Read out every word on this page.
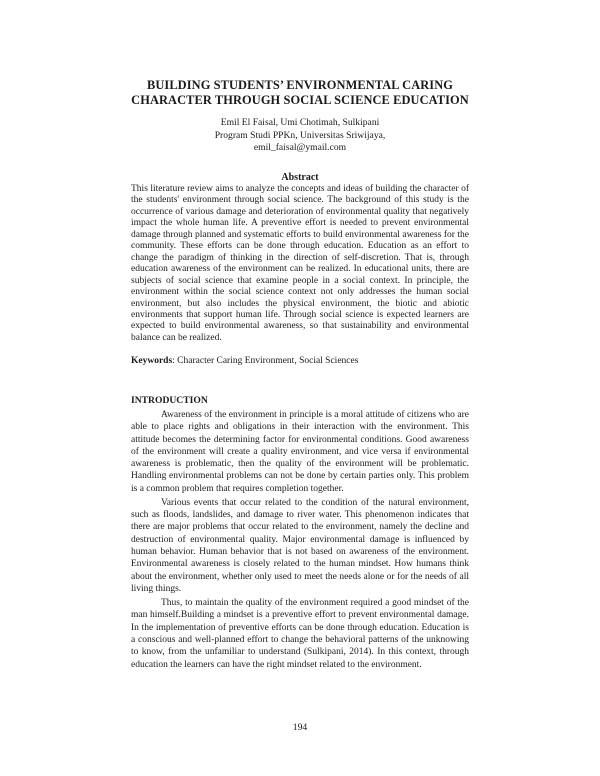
BUILDING STUDENTS’ ENVIRONMENTAL CARING
CHARACTER THROUGH SOCIAL SCIENCE EDUCATION
Emil El Faisal, Umi Chotimah, Sulkipani
Program Studi PPKn, Universitas Sriwijaya,
emil_faisal@ymail.com
Abstract

This literature review aims to analyze the concepts and ideas of building the character of the students' environment through social science. The background of this study is the occurrence of various damage and deterioration of environmental quality that negatively impact the whole human life. A preventive effort is needed to prevent environmental damage through planned and systematic efforts to build environmental awareness for the community. These efforts can be done through education. Education as an effort to change the paradigm of thinking in the direction of self-discretion. That is, through education awareness of the environment can be realized. In educational units, there are subjects of social science that examine people in a social context. In principle, the environment within the social science context not only addresses the human social environment, but also includes the physical environment, the biotic and abiotic environments that support human life. Through social science is expected learners are expected to build environmental awareness, so that sustainability and environmental balance can be realized.

Keywords: Character Caring Environment, Social Sciences

INTRODUCTION

Awareness of the environment in principle is a moral attitude of citizens who are able to place rights and obligations in their interaction with the environment. This attitude becomes the determining factor for environmental conditions. Good awareness of the environment will create a quality environment, and vice versa if environmental awareness is problematic, then the quality of the environment will be problematic. Handling environmental problems can not be done by certain parties only. This problem is a common problem that requires completion together.

Various events that occur related to the condition of the natural environment, such as floods, landslides, and damage to river water. This phenomenon indicates that there are major problems that occur related to the environment, namely the decline and destruction of environmental quality. Major environmental damage is influenced by human behavior. Human behavior that is not based on awareness of the environment. Environmental awareness is closely related to the human mindset. How humans think about the environment, whether only used to meet the needs alone or for the needs of all living things.

Thus, to maintain the quality of the environment required a good mindset of the man himself.Building a mindset is a preventive effort to prevent environmental damage. In the implementation of preventive efforts can be done through education. Education is a conscious and well-planned effort to change the behavioral patterns of the unknowing to know, from the unfamiliar to understand (Sulkipani, 2014). In this context, through education the learners can have the right mindset related to the environment.

194
